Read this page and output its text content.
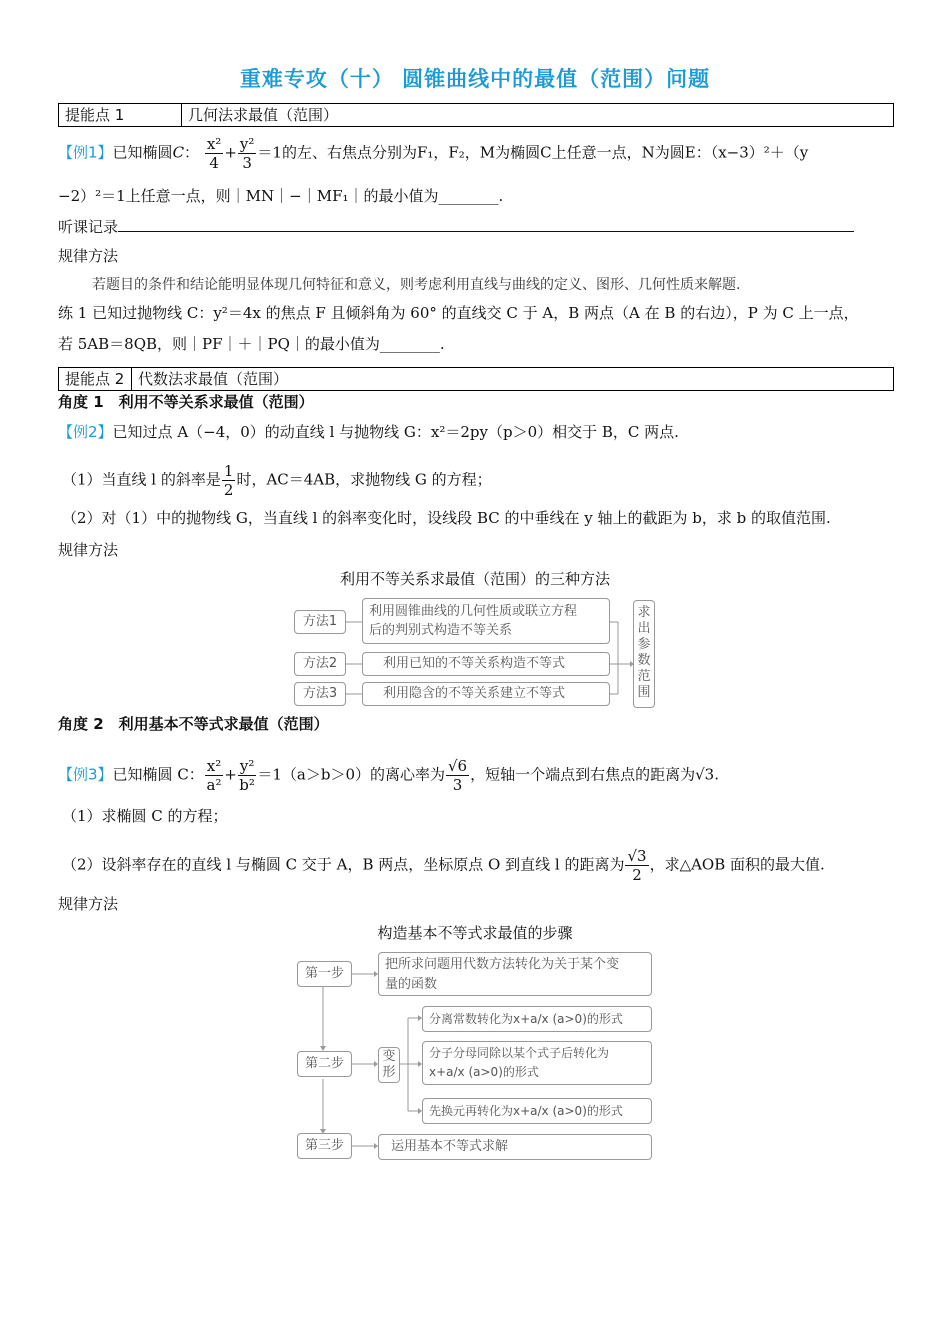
重难专攻（十） 圆锥曲线中的最值（范围）问题
提能点 1	几何法求最值（范围）
【例1】已知椭圆C： $\frac{\text{x²}}{4} + \frac{\text{y²}}{3} =1$的左、右焦点分别为F₁，F₂，M为椭圆C上任意一点，N为圆E：（x−3）²＋（y
−2）²＝1上任意一点，则｜MN｜−｜MF₁｜的最小值为________.
听课记录
规律方法
若题目的条件和结论能明显体现几何特征和意义，则考虑利用直线与曲线的定义、图形、几何性质来解题.
练 1 已知过抛物线 C：y²＝4x 的焦点 F 且倾斜角为 60° 的直线交 C 于 A，B 两点（A 在 B 的右边），P 为 C 上一点，
若 5AB＝8QB，则｜PF｜＋｜PQ｜的最小值为________.
提能点 2 代数法求最值（范围）
角度 1　利用不等关系求最值（范围）
【例2】已知过点 A（−4，0）的动直线 l 与抛物线 G：x²＝2py（p＞0）相交于 B，C 两点.
（1）当直线 l 的斜率是 $\frac{1}{2}$ 时，AC＝4AB，求抛物线 G 的方程；
（2）对（1）中的抛物线 G，当直线 l 的斜率变化时，设线段 BC 的中垂线在 y 轴上的截距为 b，求 b 的取值范围.
规律方法
利用不等关系求最值（范围）的三种方法
方法1
方法2
方法3
利用圆锥曲线的几何性质或联立方程
后的判别式构造不等关系
利用已知的不等关系构造不等式
利用隐含的不等关系建立不等式
求出参数范围
角度 2　利用基本不等式求最值（范围）
【例3】已知椭圆 C： $\frac{\text{x²}}{\text{a²}} + \frac{\text{y²}}{\text{b²}} =1(a>b>0)$的离心率为 $\frac{√6}{3}$ ，短轴一个端点到右焦点的距离为√3.
（1）求椭圆 C 的方程；
（2）设斜率存在的直线 l 与椭圆 C 交于 A，B 两点，坐标原点 O 到直线 l 的距离为 $\frac{√3}{2}$ ，求△AOB 面积的最大值.
规律方法
构造基本不等式求最值的步骤
第一步
第二步
第三步
把所求问题用代数方法转化为关于某个变
量的函数
变形
分离常数转化为x+a/x (a>0)的形式
分子分母同除以某个式子后转化为
x+a/x (a>0)的形式
先换元再转化为x+a/x (a>0)的形式
运用基本不等式求解
